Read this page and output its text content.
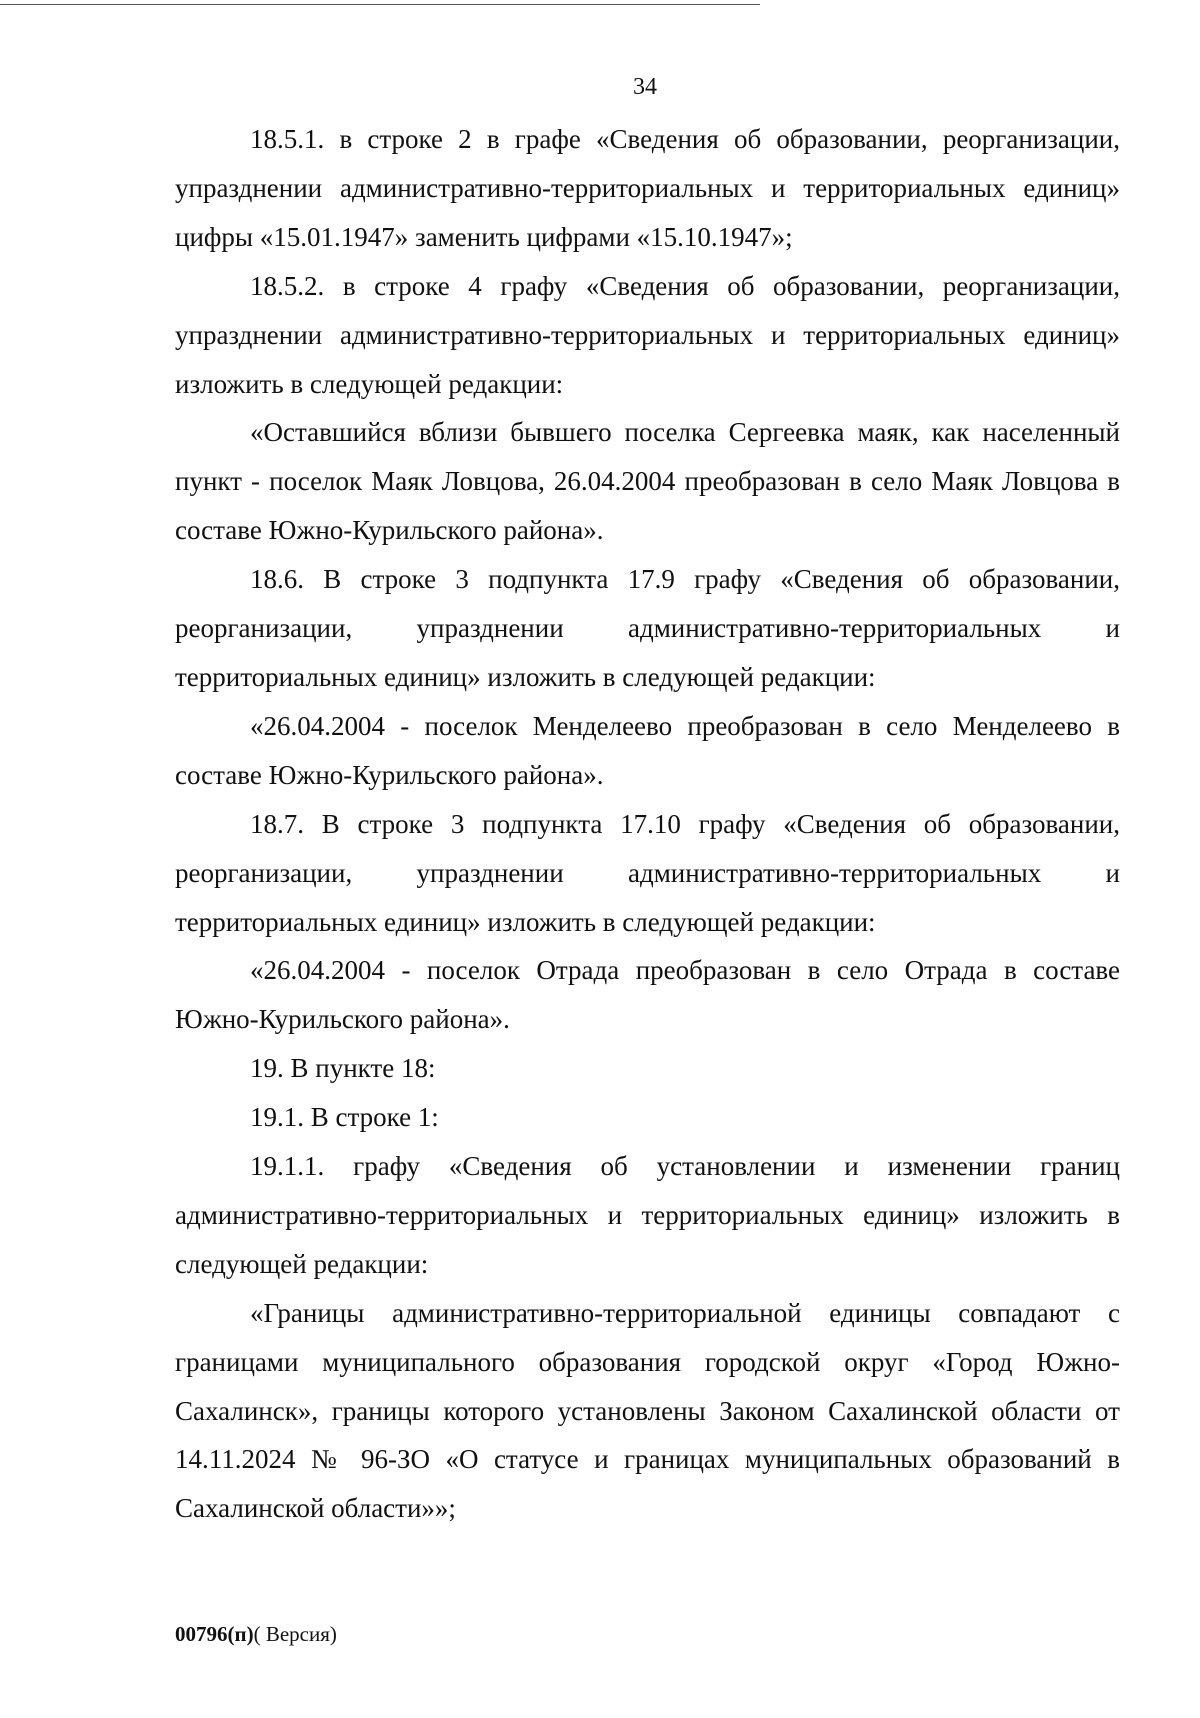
34

18.5.1. в строке 2 в графе «Сведения об образовании, реорганизации, упразднении административно-территориальных и территориальных единиц» цифры «15.01.1947» заменить цифрами «15.10.1947»;

18.5.2. в строке 4 графу «Сведения об образовании, реорганизации, упразднении административно-территориальных и территориальных единиц» изложить в следующей редакции:

«Оставшийся вблизи бывшего поселка Сергеевка маяк, как населенный пункт - поселок Маяк Ловцова, 26.04.2004 преобразован в село Маяк Ловцова в составе Южно-Курильского района».

18.6. В строке 3 подпункта 17.9 графу «Сведения об образовании, реорганизации, упразднении административно-территориальных и территориальных единиц» изложить в следующей редакции:

«26.04.2004 - поселок Менделеево преобразован в село Менделеево в составе Южно-Курильского района».

18.7. В строке 3 подпункта 17.10 графу «Сведения об образовании, реорганизации, упразднении административно-территориальных и территориальных единиц» изложить в следующей редакции:

«26.04.2004 - поселок Отрада преобразован в село Отрада в составе Южно-Курильского района».

19. В пункте 18:

19.1. В строке 1:

19.1.1. графу «Сведения об установлении и изменении границ административно-территориальных и территориальных единиц» изложить в следующей редакции:

«Границы административно-территориальной единицы совпадают с границами муниципального образования городской округ «Город Южно-Сахалинск», границы которого установлены Законом Сахалинской области от 14.11.2024 № 96-ЗО «О статусе и границах муниципальных образований в Сахалинской области»»;

00796(п)( Версия)
